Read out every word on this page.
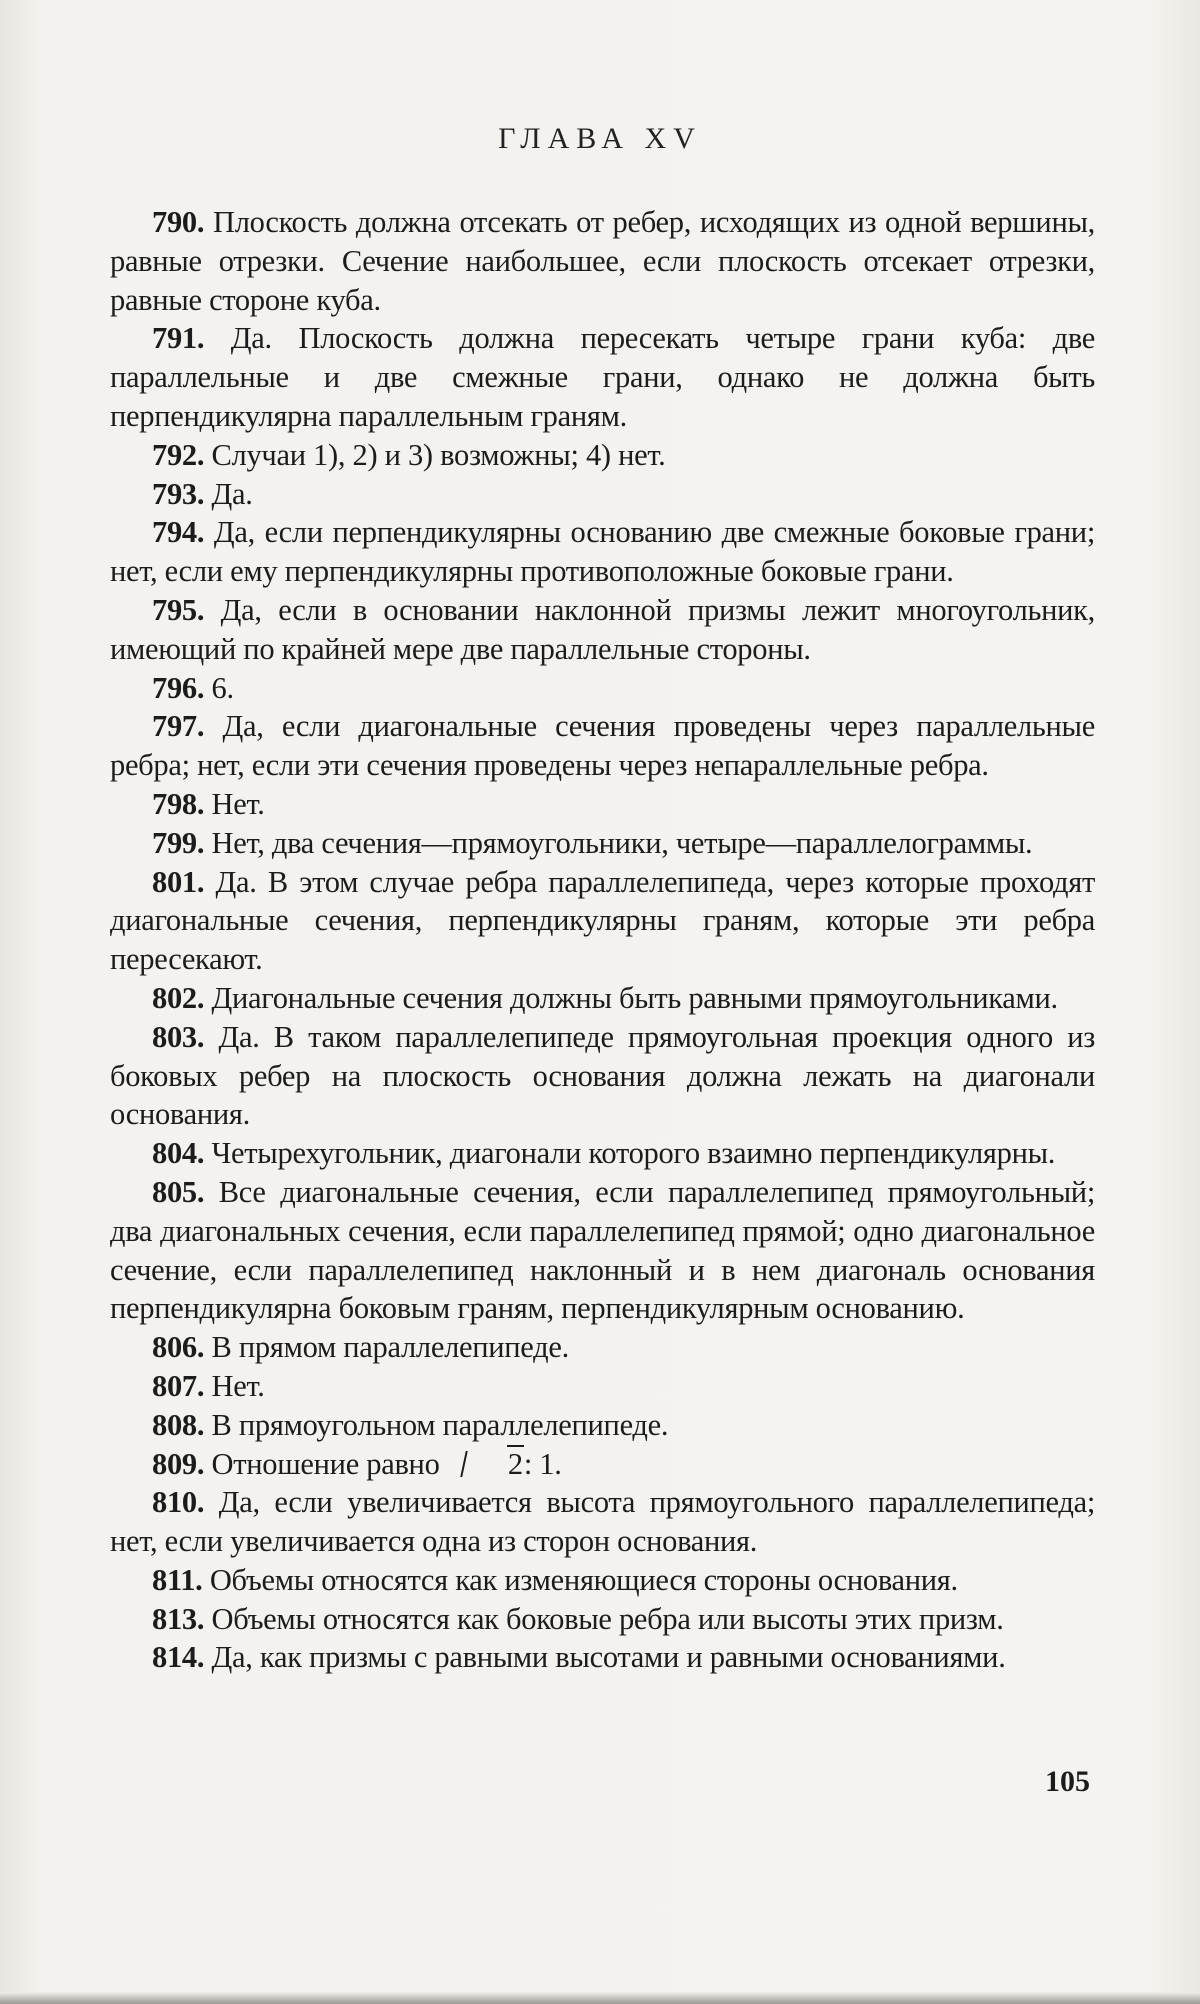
ГЛАВА XV

790. Плоскость должна отсекать от ребер, исходящих из одной вершины, равные отрезки. Сечение наибольшее, если плоскость отсекает отрезки, равные стороне куба.

791. Да. Плоскость должна пересекать четыре грани куба: две параллельные и две смежные грани, однако не должна быть перпендикулярна параллельным граням.

792. Случаи 1), 2) и 3) возможны; 4) нет.

793. Да.

794. Да, если перпендикулярны основанию две смежные боковые грани; нет, если ему перпендикулярны противоположные боковые грани.

795. Да, если в основании наклонной призмы лежит многоугольник, имеющий по крайней мере две параллельные стороны.

796. 6.

797. Да, если диагональные сечения проведены через параллельные ребра; нет, если эти сечения проведены через непараллельные ребра.

798. Нет.

799. Нет, два сечения—прямоугольники, четыре—параллелограммы.

801. Да. В этом случае ребра параллелепипеда, через которые проходят диагональные сечения, перпендикулярны граням, которые эти ребра пересекают.

802. Диагональные сечения должны быть равными прямоугольниками.

803. Да. В таком параллелепипеде прямоугольная проекция одного из боковых ребер на плоскость основания должна лежать на диагонали основания.

804. Четырехугольник, диагонали которого взаимно перпендикулярны.

805. Все диагональные сечения, если параллелепипед прямоугольный; два диагональных сечения, если параллелепипед прямой; одно диагональное сечение, если параллелепипед наклонный и в нем диагональ основания перпендикулярна боковым граням, перпендикулярным основанию.

806. В прямом параллелепипеде.

807. Нет.

808. В прямоугольном параллелепипеде.

809. Отношение равно 2: 1.

810. Да, если увеличивается высота прямоугольного параллелепипеда; нет, если увеличивается одна из сторон основания.

811. Объемы относятся как изменяющиеся стороны основания.

813. Объемы относятся как боковые ребра или высоты этих призм.

814. Да, как призмы с равными высотами и равными основаниями.

105
